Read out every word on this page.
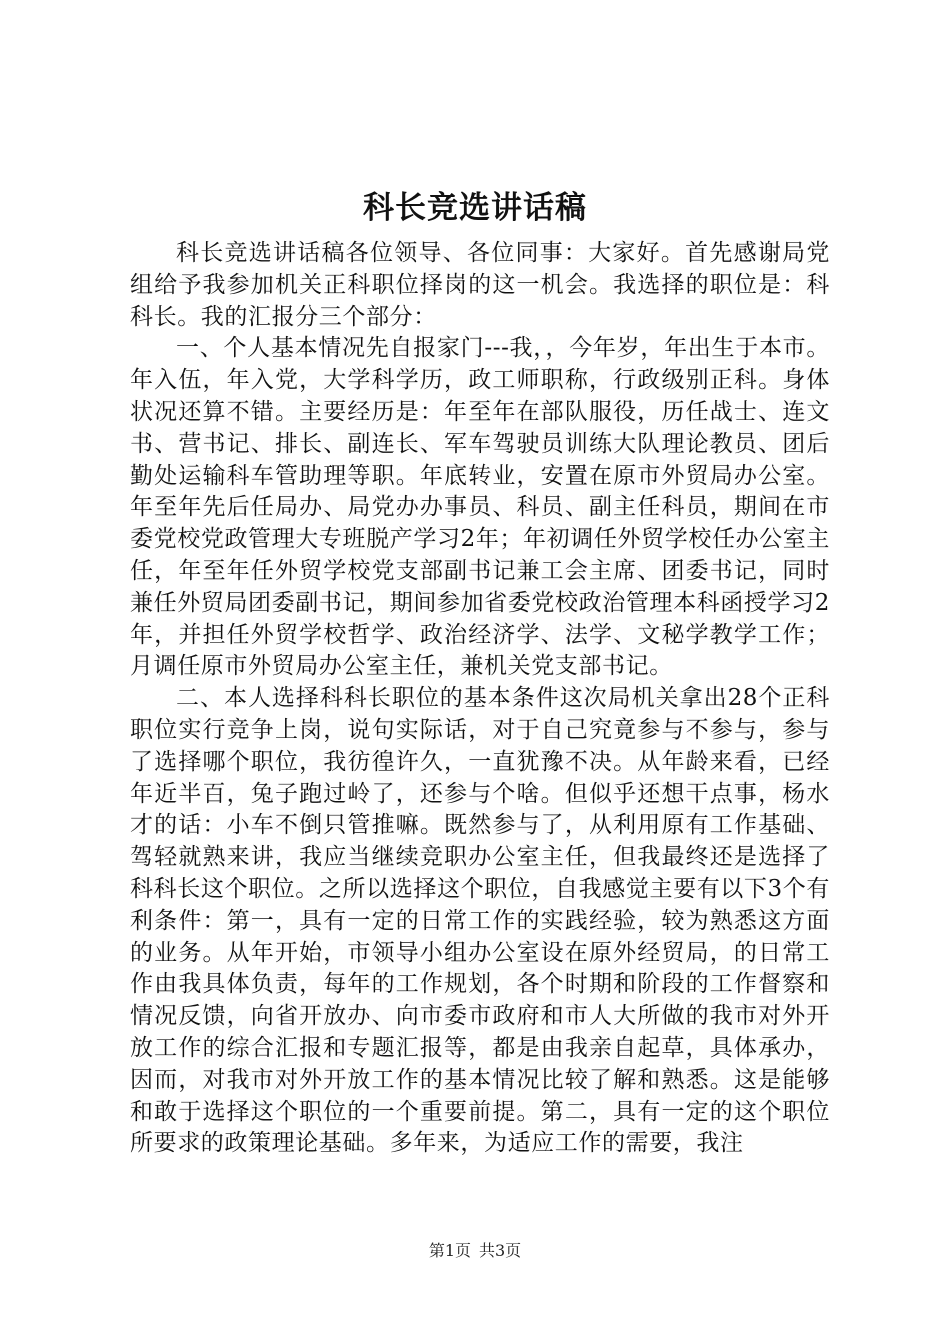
科长竞选讲话稿

科长竞选讲话稿各位领导、各位同事：大家好。首先感谢局党组给予我参加机关正科职位择岗的这一机会。我选择的职位是：科科长。我的汇报分三个部分：

一、个人基本情况先自报家门---我，，今年岁，年出生于本市。年入伍，年入党，大学科学历，政工师职称，行政级别正科。身体状况还算不错。主要经历是：年至年在部队服役，历任战士、连文书、营书记、排长、副连长、军车驾驶员训练大队理论教员、团后勤处运输科车管助理等职。年底转业，安置在原市外贸局办公室。年至年先后任局办、局党办办事员、科员、副主任科员，期间在市委党校党政管理大专班脱产学习2年；年初调任外贸学校任办公室主任，年至年任外贸学校党支部副书记兼工会主席、团委书记，同时兼任外贸局团委副书记，期间参加省委党校政治管理本科函授学习2年，并担任外贸学校哲学、政治经济学、法学、文秘学教学工作；月调任原市外贸局办公室主任，兼机关党支部书记。

二、本人选择科科长职位的基本条件这次局机关拿出28个正科职位实行竞争上岗，说句实际话，对于自己究竟参与不参与，参与了选择哪个职位，我彷徨许久，一直犹豫不决。从年龄来看，已经年近半百，兔子跑过岭了，还参与个啥。但似乎还想干点事，杨水才的话：小车不倒只管推嘛。既然参与了，从利用原有工作基础、驾轻就熟来讲，我应当继续竞职办公室主任，但我最终还是选择了科科长这个职位。之所以选择这个职位，自我感觉主要有以下3个有利条件：第一，具有一定的日常工作的实践经验，较为熟悉这方面的业务。从年开始，市领导小组办公室设在原外经贸局，的日常工作由我具体负责，每年的工作规划，各个时期和阶段的工作督察和情况反馈，向省开放办、向市委市政府和市人大所做的我市对外开放工作的综合汇报和专题汇报等，都是由我亲自起草，具体承办，因而，对我市对外开放工作的基本情况比较了解和熟悉。这是能够和敢于选择这个职位的一个重要前提。第二，具有一定的这个职位所要求的政策理论基础。多年来，为适应工作的需要，我注

第1页 共3页
